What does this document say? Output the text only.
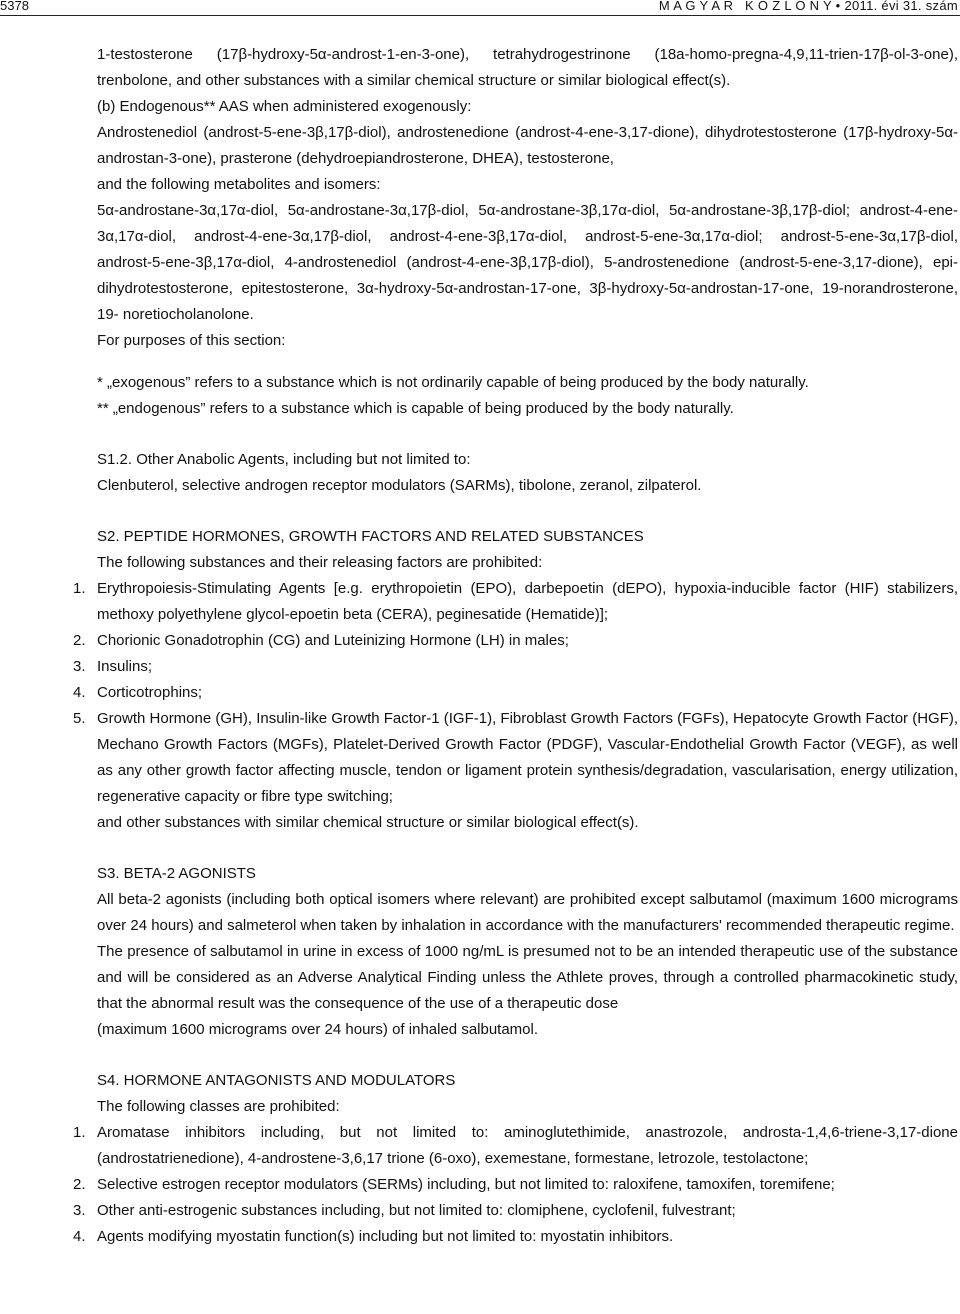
5378	M A G Y A R   K Ö Z L Ö N Y • 2011. évi 31. szám

1-testosterone (17β-hydroxy-5α-androst-1-en-3-one), tetrahydrogestrinone (18a-homo-pregna-4,9,11-trien-17β-ol-3-one), trenbolone, and other substances with a similar chemical structure or similar biological effect(s).

(b) Endogenous** AAS when administered exogenously:

Androstenediol (androst-5-ene-3β,17β-diol), androstenedione (androst-4-ene-3,17-dione), dihydrotestosterone (17β-hydroxy-5α-androstan-3-one), prasterone (dehydroepiandrosterone, DHEA), testosterone,

and the following metabolites and isomers:

5α-androstane-3α,17α-diol, 5α-androstane-3α,17β-diol, 5α-androstane-3β,17α-diol, 5α-androstane-3β,17β-diol; androst-4-ene-3α,17α-diol, androst-4-ene-3α,17β-diol, androst-4-ene-3β,17α-diol, androst-5-ene-3α,17α-diol; androst-5-ene-3α,17β-diol, androst-5-ene-3β,17α-diol, 4-androstenediol (androst-4-ene-3β,17β-diol), 5-androstenedione (androst-5-ene-3,17-dione), epi-dihydrotestosterone, epitestosterone, 3α-hydroxy-5α-androstan-17-one, 3β-hydroxy-5α-androstan-17-one, 19-norandrosterone, 19- noretiocholanolone.

For purposes of this section:

* „exogenous” refers to a substance which is not ordinarily capable of being produced by the body naturally.

** „endogenous” refers to a substance which is capable of being produced by the body naturally.

S1.2. Other Anabolic Agents, including but not limited to:

Clenbuterol, selective androgen receptor modulators (SARMs), tibolone, zeranol, zilpaterol.

S2. PEPTIDE HORMONES, GROWTH FACTORS AND RELATED SUBSTANCES

The following substances and their releasing factors are prohibited:

1. Erythropoiesis-Stimulating Agents [e.g. erythropoietin (EPO), darbepoetin (dEPO), hypoxia-inducible factor (HIF) stabilizers, methoxy polyethylene glycol-epoetin beta (CERA), peginesatide (Hematide)];
2. Chorionic Gonadotrophin (CG) and Luteinizing Hormone (LH) in males;
3. Insulins;
4. Corticotrophins;
5. Growth Hormone (GH), Insulin-like Growth Factor-1 (IGF-1), Fibroblast Growth Factors (FGFs), Hepatocyte Growth Factor (HGF), Mechano Growth Factors (MGFs), Platelet-Derived Growth Factor (PDGF), Vascular-Endothelial Growth Factor (VEGF), as well as any other growth factor affecting muscle, tendon or ligament protein synthesis/degradation, vascularisation, energy utilization, regenerative capacity or fibre type switching;

and other substances with similar chemical structure or similar biological effect(s).

S3. BETA-2 AGONISTS

All beta-2 agonists (including both optical isomers where relevant) are prohibited except salbutamol (maximum 1600 micrograms over 24 hours) and salmeterol when taken by inhalation in accordance with the manufacturers' recommended therapeutic regime.

The presence of salbutamol in urine in excess of 1000 ng/mL is presumed not to be an intended therapeutic use of the substance and will be considered as an Adverse Analytical Finding unless the Athlete proves, through a controlled pharmacokinetic study, that the abnormal result was the consequence of the use of a therapeutic dose

(maximum 1600 micrograms over 24 hours) of inhaled salbutamol.

S4. HORMONE ANTAGONISTS AND MODULATORS

The following classes are prohibited:

1. Aromatase inhibitors including, but not limited to: aminoglutethimide, anastrozole, androsta-1,4,6-triene-3,17-dione (androstatrienedione), 4-androstene-3,6,17 trione (6-oxo), exemestane, formestane, letrozole, testolactone;
2. Selective estrogen receptor modulators (SERMs) including, but not limited to: raloxifene, tamoxifen, toremifene;
3. Other anti-estrogenic substances including, but not limited to: clomiphene, cyclofenil, fulvestrant;
4. Agents modifying myostatin function(s) including but not limited to: myostatin inhibitors.
